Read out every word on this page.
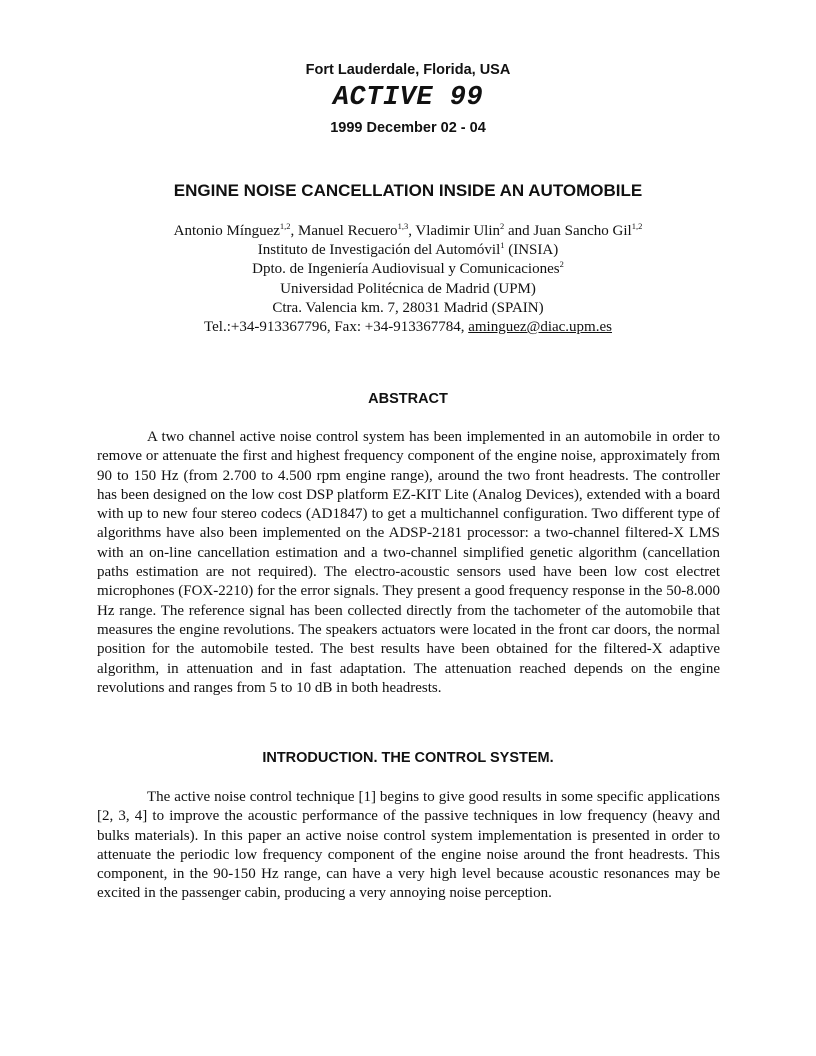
Fort Lauderdale, Florida, USA
ACTIVE 99
1999 December 02 - 04
ENGINE NOISE CANCELLATION INSIDE AN AUTOMOBILE
Antonio Mínguez$^{1,2}$, Manuel Recuero$^{1,3}$, Vladimir Ulin$^2$ and Juan Sancho Gil$^{1,2}$
Instituto de Investigación del Automóvil$^1$ (INSIA)
Dpto. de Ingeniería Audiovisual y Comunicaciones$^2$
Universidad Politécnica de Madrid (UPM)
Ctra. Valencia km. 7, 28031 Madrid (SPAIN)
Tel.:+34-913367796, Fax: +34-913367784, aminguez@diac.upm.es
ABSTRACT

A two channel active noise control system has been implemented in an automobile in order to remove or attenuate the first and highest frequency component of the engine noise, approximately from 90 to 150 Hz (from 2.700 to 4.500 rpm engine range), around the two front headrests. The controller has been designed on the low cost DSP platform EZ-KIT Lite (Analog Devices), extended with a board with up to new four stereo codecs (AD1847) to get a multichannel configuration. Two different type of algorithms have also been implemented on the ADSP-2181 processor: a two-channel filtered-X LMS with an on-line cancellation estimation and a two-channel simplified genetic algorithm (cancellation paths estimation are not required). The electro-acoustic sensors used have been low cost electret microphones (FOX-2210) for the error signals. They present a good frequency response in the 50-8.000 Hz range. The reference signal has been collected directly from the tachometer of the automobile that measures the engine revolutions. The speakers actuators were located in the front car doors, the normal position for the automobile tested. The best results have been obtained for the filtered-X adaptive algorithm, in attenuation and in fast adaptation. The attenuation reached depends on the engine revolutions and ranges from 5 to 10 dB in both headrests.

INTRODUCTION. THE CONTROL SYSTEM.

The active noise control technique [1] begins to give good results in some specific applications [2, 3, 4] to improve the acoustic performance of the passive techniques in low frequency (heavy and bulks materials). In this paper an active noise control system implementation is presented in order to attenuate the periodic low frequency component of the engine noise around the front headrests. This component, in the 90-150 Hz range, can have a very high level because acoustic resonances may be excited in the passenger cabin, producing a very annoying noise perception.
